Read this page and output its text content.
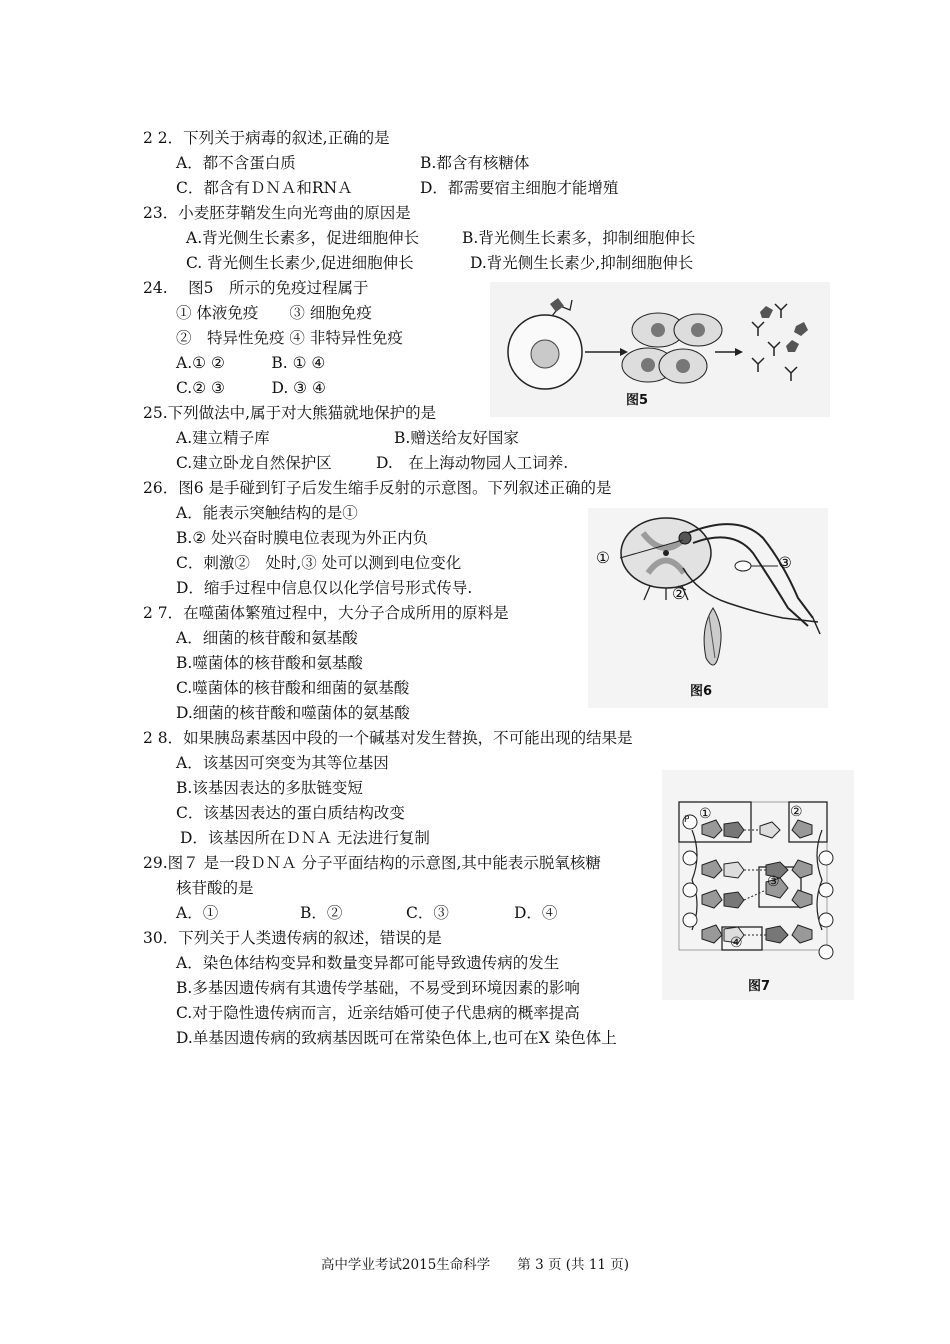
2 2．下列关于病毒的叙述,正确的是
A．都不含蛋白质	B.都含有核糖体
C．都含有ＤＮＡ和RNＡ	D．都需要宿主细胞才能增殖
23．小麦胚芽鞘发生向光弯曲的原因是
A.背光侧生长素多，促进细胞伸长	B.背光侧生长素多，抑制细胞伸长
C. 背光侧生长素少,促进细胞伸长	D.背光侧生长素少,抑制细胞伸长
24.　 图5　所示的免疫过程属于
① 体液免疫　　③ 细胞免疫
②　特异性免疫 ④ 非特异性免疫
A.① ②　　　B. ① ④
C.② ③　　　D. ③ ④
图5
25.下列做法中,属于对大熊猫就地保护的是
A.建立精子库	B.赠送给友好国家
C.建立卧龙自然保护区	D.　在上海动物园人工词养.
26．图6 是手碰到钉子后发生缩手反射的示意图。下列叙述正确的是
A．能表示突触结构的是①
B.② 处兴奋时膜电位表现为外正内负
C．刺激②　处时,③ 处可以测到电位变化
D．缩手过程中信息仅以化学信号形式传导.
①
②
③
图6
2 7．在噬菌体繁殖过程中，大分子合成所用的原料是
A．细菌的核苷酸和氨基酸
B.噬菌体的核苷酸和氨基酸
C.噬菌体的核苷酸和细菌的氨基酸
D.细菌的核苷酸和噬菌体的氨基酸
2 8．如果胰岛素基因中段的一个碱基对发生替换，不可能出现的结果是
A．该基因可突变为其等位基因
B.该基因表达的多肽链变短
C．该基因表达的蛋白质结构改变
D．该基因所在ＤＮＡ 无法进行复制
29.图７ 是一段ＤＮＡ 分子平面结构的示意图,其中能表示脱氧核糖
核苷酸的是
A．①	B．②	C．③	D．④
P ①	②
③
④
图7
30．下列关于人类遗传病的叙述，错误的是
A．染色体结构变异和数量变异都可能导致遗传病的发生
B.多基因遗传病有其遗传学基础，不易受到环境因素的影响
C.对于隐性遗传病而言，近亲结婚可使子代患病的概率提高
D.单基因遗传病的致病基因既可在常染色体上,也可在X 染色体上
高中学业考试2015生命科学　　第 3 页 (共 11 页)
